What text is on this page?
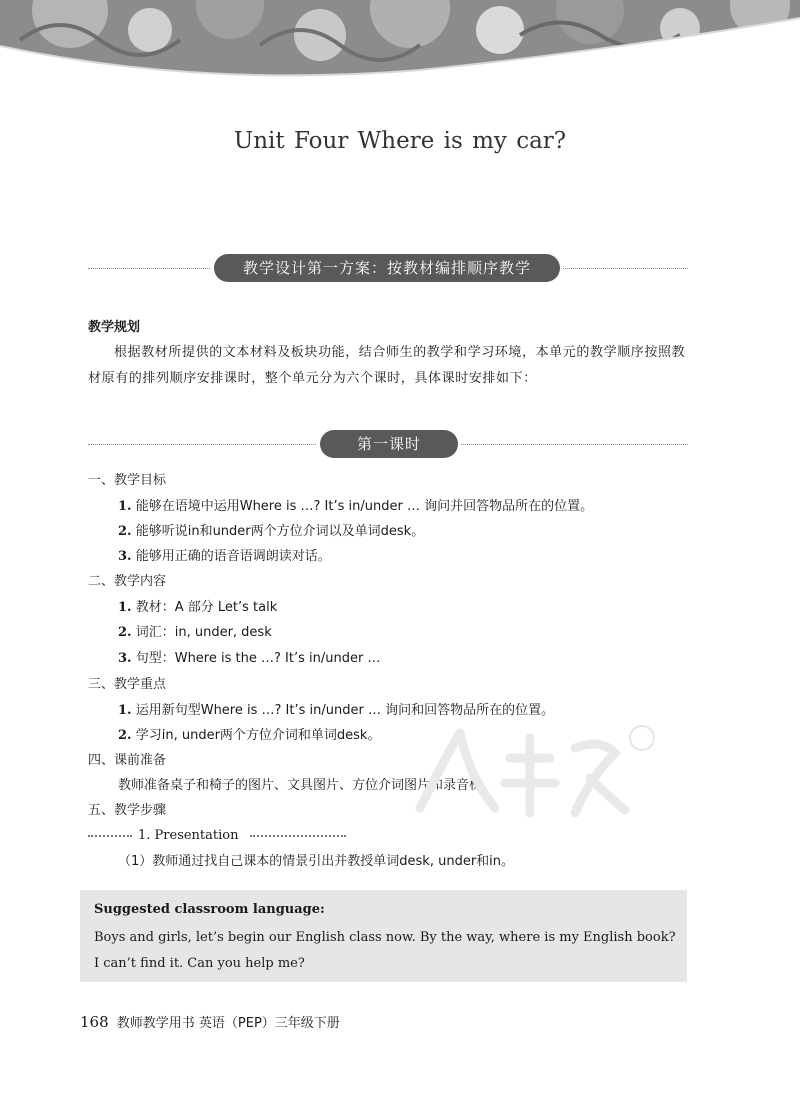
Unit Four Where is my car?
教学设计第一方案：按教材编排顺序教学
教学规划
根据教材所提供的文本材料及板块功能，结合师生的教学和学习环境，本单元的教学顺序按照教材原有的排列顺序安排课时，整个单元分为六个课时，具体课时安排如下：
第一课时
一、教学目标
1. 能够在语境中运用Where is …? It’s in/under … 询问并回答物品所在的位置。
2. 能够听说in和under两个方位介词以及单词desk。
3. 能够用正确的语音语调朗读对话。
二、教学内容
1. 教材：A 部分 Let’s talk
2. 词汇：in, under, desk
3. 句型：Where is the …? It’s in/under …
三、教学重点
1. 运用新句型Where is …? It’s in/under … 询问和回答物品所在的位置。
2. 学习in, under两个方位介词和单词desk。
四、课前准备
教师准备桌子和椅子的图片、文具图片、方位介词图片和录音机。
五、教学步骤
1. Presentation
（1）教师通过找自己课本的情景引出并教授单词desk, under和in。
Suggested classroom language:
Boys and girls, let’s begin our English class now. By the way, where is my English book?
I can’t find it. Can you help me?
168 教师教学用书 英语（PEP）三年级下册
